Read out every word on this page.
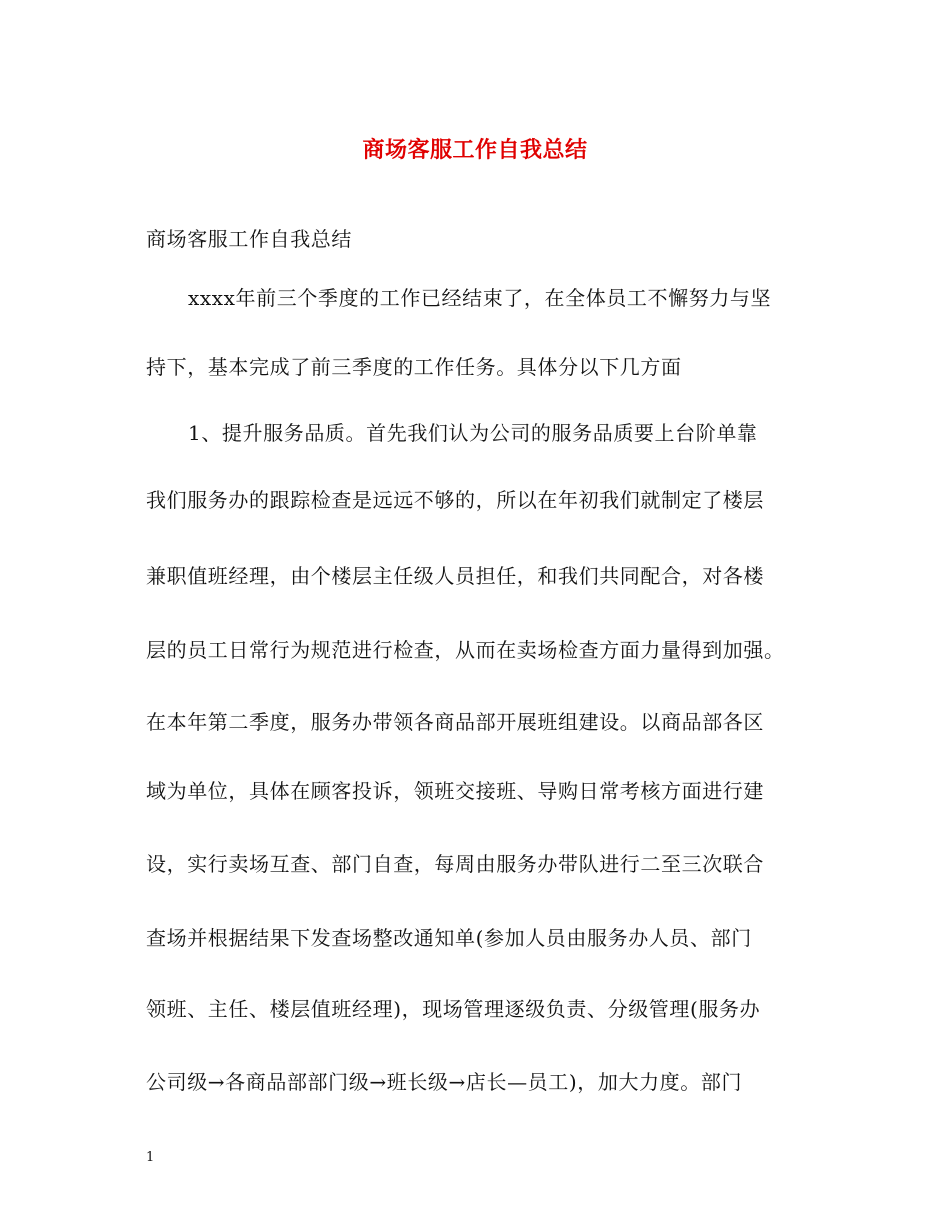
商场客服工作自我总结
商场客服工作自我总结
xxxx年前三个季度的工作已经结束了，在全体员工不懈努力与坚
持下，基本完成了前三季度的工作任务。具体分以下几方面
1、提升服务品质。首先我们认为公司的服务品质要上台阶单靠
我们服务办的跟踪检查是远远不够的，所以在年初我们就制定了楼层
兼职值班经理，由个楼层主任级人员担任，和我们共同配合，对各楼
层的员工日常行为规范进行检查，从而在卖场检查方面力量得到加强。
在本年第二季度，服务办带领各商品部开展班组建设。以商品部各区
域为单位，具体在顾客投诉，领班交接班、导购日常考核方面进行建
设，实行卖场互查、部门自查，每周由服务办带队进行二至三次联合
查场并根据结果下发查场整改通知单(参加人员由服务办人员、部门
领班、主任、楼层值班经理)，现场管理逐级负责、分级管理(服务办
公司级→各商品部部门级→班长级→店长—员工)，加大力度。部门
1
